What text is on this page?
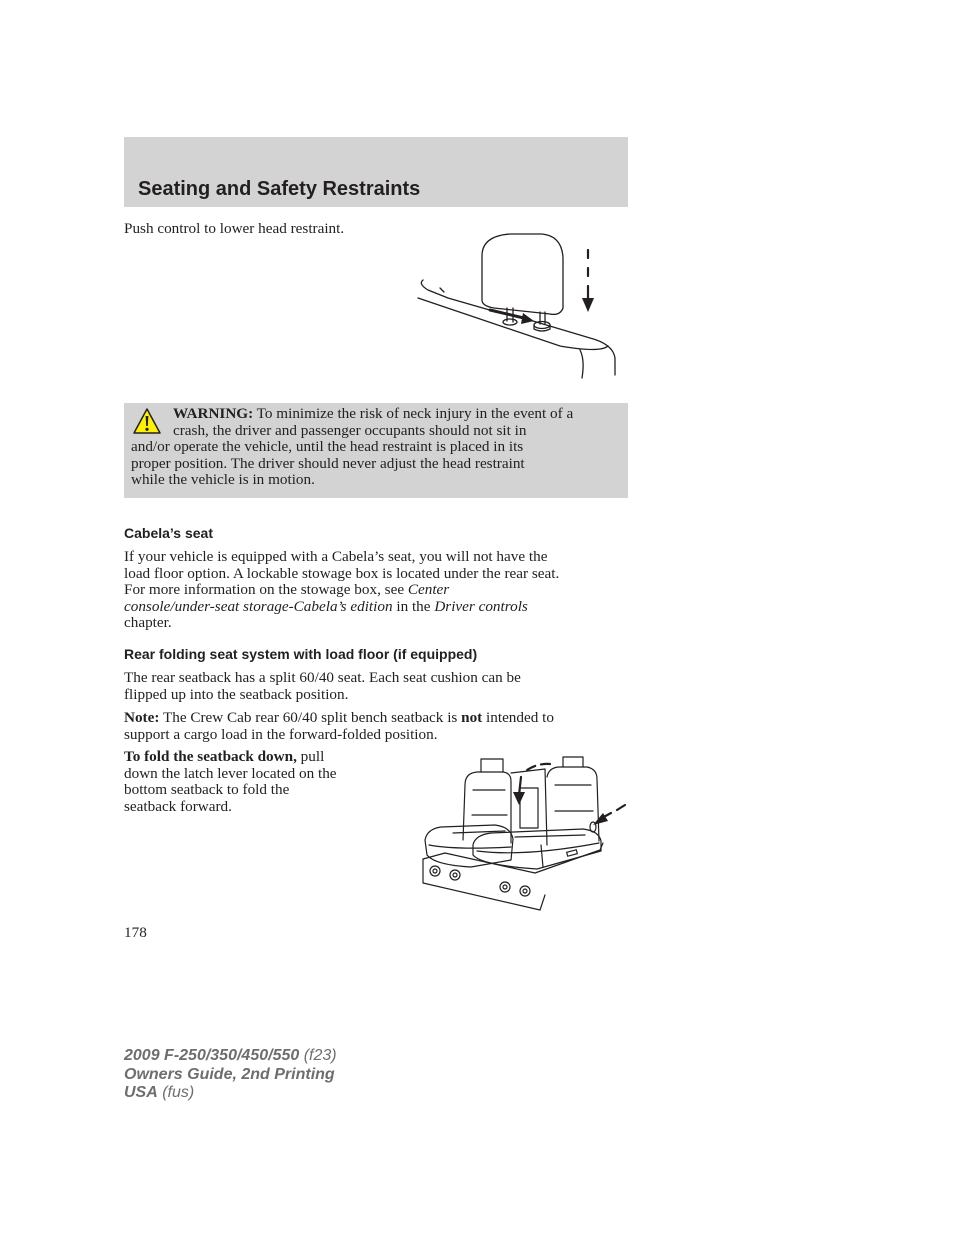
Seating and Safety Restraints
Push control to lower head restraint.
WARNING: To minimize the risk of neck injury in the event of a
crash, the driver and passenger occupants should not sit in
and/or operate the vehicle, until the head restraint is placed in its
proper position. The driver should never adjust the head restraint
while the vehicle is in motion.
Cabela’s seat
If your vehicle is equipped with a Cabela’s seat, you will not have the
load floor option. A lockable stowage box is located under the rear seat.
For more information on the stowage box, see Center
console/under-seat storage-Cabela’s edition in the Driver controls
chapter.
Rear folding seat system with load floor (if equipped)
The rear seatback has a split 60/40 seat. Each seat cushion can be
flipped up into the seatback position.
Note: The Crew Cab rear 60/40 split bench seatback is not intended to
support a cargo load in the forward-folded position.
To fold the seatback down, pull
down the latch lever located on the
bottom seatback to fold the
seatback forward.
178
2009 F-250/350/450/550 (f23)
Owners Guide, 2nd Printing
USA (fus)
